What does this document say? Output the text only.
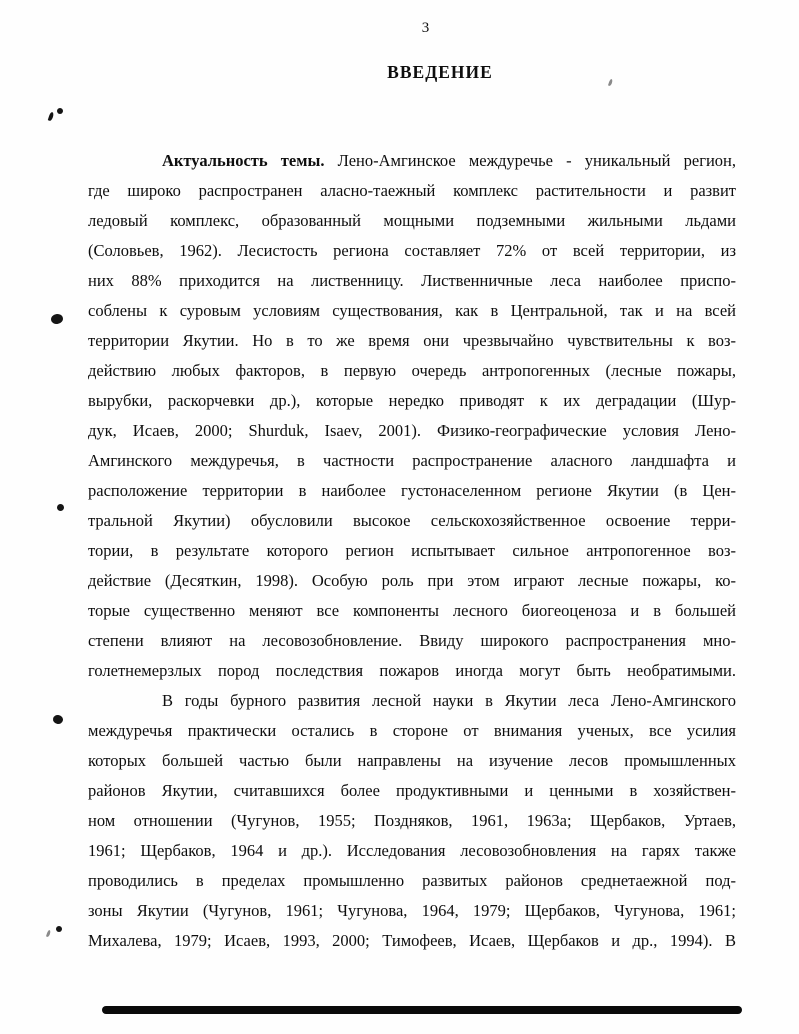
3
ВВЕДЕНИЕ
Актуальность темы. Лено-Амгинское междуречье - уникальный регион,
где широко распространен аласно-таежный комплекс растительности и развит
ледовый комплекс, образованный мощными подземными жильными льдами
(Соловьев, 1962). Лесистость региона составляет 72% от всей территории, из
них 88% приходится на лиственницу. Лиственничные леса наиболее приспо-
соблены к суровым условиям существования, как в Центральной, так и на всей
территории Якутии. Но в то же время они чрезвычайно чувствительны к воз-
действию любых факторов, в первую очередь антропогенных (лесные пожары,
вырубки, раскорчевки др.), которые нередко приводят к их деградации (Шур-
дук, Исаев, 2000; Shurduk, Isaev, 2001). Физико-географические условия Лено-
Амгинского междуречья, в частности распространение аласного ландшафта и
расположение территории в наиболее густонаселенном регионе Якутии (в Цен-
тральной Якутии) обусловили высокое сельскохозяйственное освоение терри-
тории, в результате которого регион испытывает сильное антропогенное воз-
действие (Десяткин, 1998). Особую роль при этом играют лесные пожары, ко-
торые существенно меняют все компоненты лесного биогеоценоза и в большей
степени влияют на лесовозобновление. Ввиду широкого распространения мно-
голетнемерзлых пород последствия пожаров иногда могут быть необратимыми.
В годы бурного развития лесной науки в Якутии леса Лено-Амгинского
междуречья практически остались в стороне от внимания ученых, все усилия
которых большей частью были направлены на изучение лесов промышленных
районов Якутии, считавшихся более продуктивными и ценными в хозяйствен-
ном отношении (Чугунов, 1955; Поздняков, 1961, 1963а; Щербаков, Уртаев,
1961; Щербаков, 1964 и др.). Исследования лесовозобновления на гарях также
проводились в пределах промышленно развитых районов среднетаежной под-
зоны Якутии (Чугунов, 1961; Чугунова, 1964, 1979; Щербаков, Чугунова, 1961;
Михалева, 1979; Исаев, 1993, 2000; Тимофеев, Исаев, Щербаков и др., 1994). В
